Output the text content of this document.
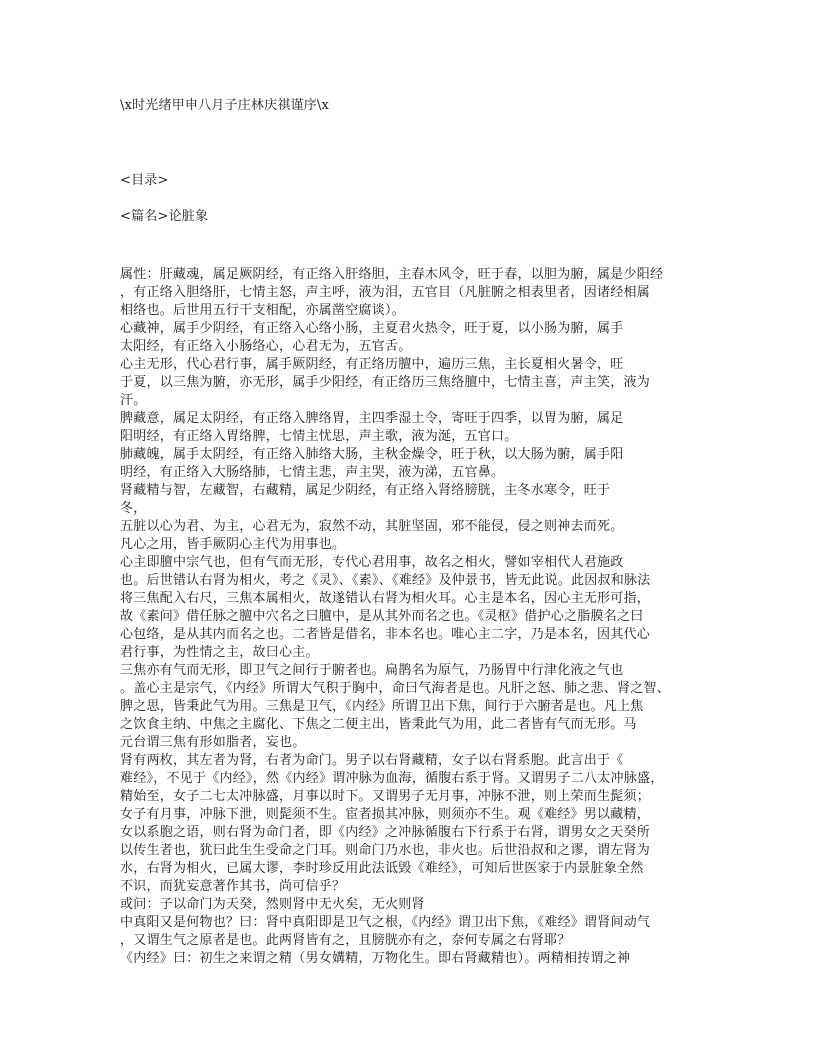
\x时光绪甲申八月子庄林庆祺谨序\x
<目录>
<篇名>论脏象
属性：肝藏魂，属足厥阴经，有正络入肝络胆，主春木风令，旺于春，以胆为腑，属是少阳经
，有正络入胆络肝，七情主怒，声主呼，液为泪，五官目（凡脏腑之相表里者，因诸经相属
相络也。后世用五行干支相配，亦属凿空腐谈）。
心藏神，属手少阴经，有正络入心络小肠，主夏君火热令，旺于夏，以小肠为腑，属手
太阳经，有正络入小肠络心，心君无为，五官舌。
心主无形，代心君行事，属手厥阴经，有正络历膻中，遍历三焦，主长夏相火暑令，旺
于夏，以三焦为腑，亦无形，属手少阳经，有正络历三焦络膻中，七情主喜，声主笑，液为
汗。
脾藏意，属足太阴经，有正络入脾络胃，主四季湿土令，寄旺于四季，以胃为腑，属足
阳明经，有正络入胃络脾，七情主忧思，声主歌，液为涎，五官口。
肺藏魄，属手太阴经，有正络入肺络大肠，主秋金燥令，旺于秋，以大肠为腑，属手阳
明经，有正络入大肠络肺，七情主悲，声主哭，液为涕，五官鼻。
肾藏精与智，左藏智，右藏精，属足少阴经，有正络入肾络膀胱，主冬水寒令，旺于
冬，
五脏以心为君、为主，心君无为，寂然不动，其脏坚固，邪不能侵，侵之则神去而死。
凡心之用，皆手厥阴心主代为用事也。
心主即膻中宗气也，但有气而无形，专代心君用事，故名之相火，譬如宰相代人君施政
也。后世错认右肾为相火，考之《灵》、《素》、《难经》及仲景书，皆无此说。此因叔和脉法
将三焦配入右尺，三焦本属相火，故遂错认右肾为相火耳。心主是本名，因心主无形可指，
故《素问》借任脉之膻中穴名之曰膻中，是从其外而名之也。《灵枢》借护心之脂膜名之曰
心包络，是从其内而名之也。二者皆是借名，非本名也。唯心主二字，乃是本名，因其代心
君行事，为性情之主，故曰心主。
三焦亦有气而无形，即卫气之间行于腑者也。扁鹊名为原气，乃肠胃中行津化液之气也
。盖心主是宗气，《内经》所谓大气积于胸中，命曰气海者是也。凡肝之怒、肺之悲、肾之智、
脾之思，皆秉此气为用。三焦是卫气，《内经》所谓卫出下焦，间行于六腑者是也。凡上焦
之饮食主纳、中焦之主腐化、下焦之二便主出，皆秉此气为用，此二者皆有气而无形。马
元台谓三焦有形如脂者，妄也。
肾有两枚，其左者为肾，右者为命门。男子以右肾藏精，女子以右肾系胞。此言出于《
难经》，不见于《内经》，然《内经》谓冲脉为血海，循腹右系于肾。又谓男子二八太冲脉盛，
精始至，女子二七太冲脉盛，月事以时下。又谓男子无月事，冲脉不泄，则上荣而生髭须；
女子有月事，冲脉下泄，则髭须不生。宦者损其冲脉，则须亦不生。观《难经》男以藏精，
女以系胞之语，则右肾为命门者，即《内经》之冲脉循腹右下行系于右肾，谓男女之天癸所
以传生者也，犹曰此生生受命之门耳。则命门乃水也，非火也。后世沿叔和之谬，谓左肾为
水，右肾为相火，已属大谬，李时珍反用此法诋毁《难经》，可知后世医家于内景脏象全然
不识，而犹妄意著作其书，尚可信乎？
或问：子以命门为天癸，然则肾中无火矣，无火则肾
中真阳又是何物也？曰：肾中真阳即是卫气之根，《内经》谓卫出下焦，《难经》谓肾间动气
，又谓生气之原者是也。此两肾皆有之，且膀胱亦有之，奈何专属之右肾耶？
《内经》曰：初生之来谓之精（男女媾精，万物化生。即右肾藏精也）。两精相抟谓之神
